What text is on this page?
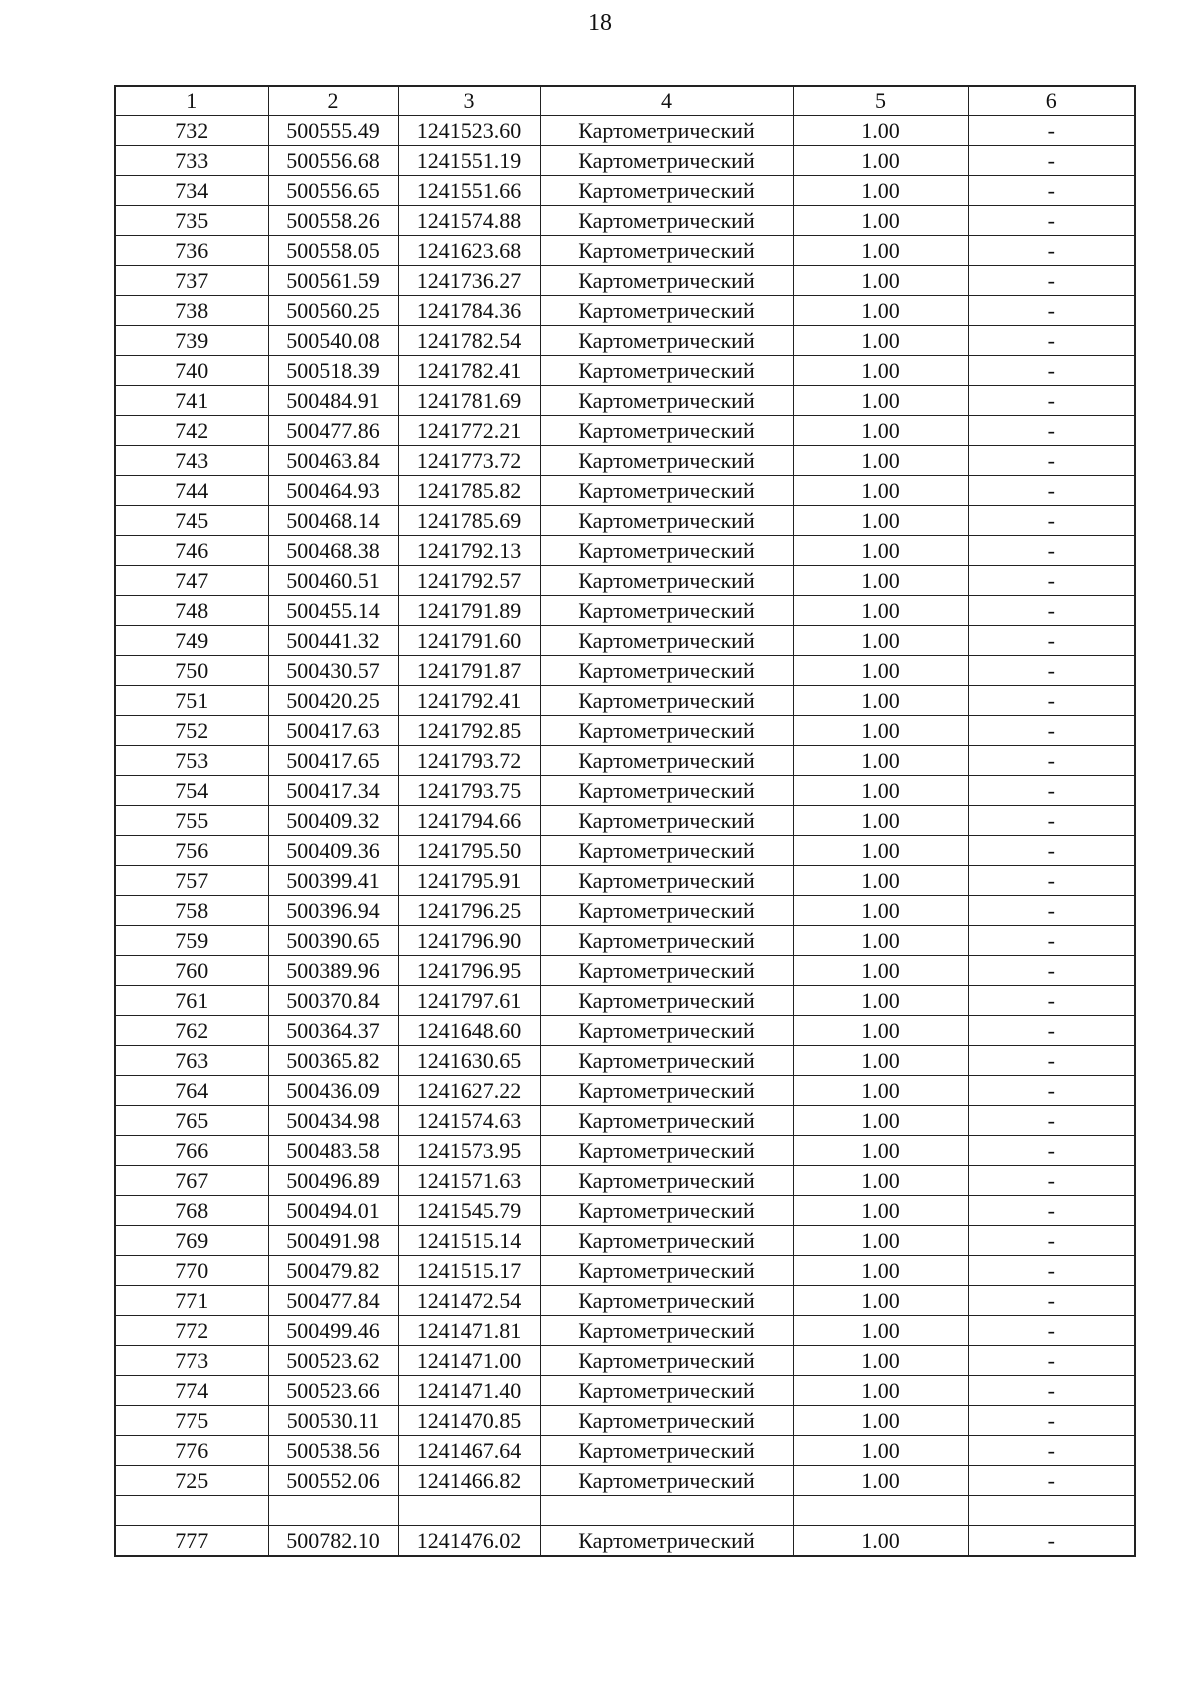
18
1	2	3	4	5	6
732	500555.49	1241523.60	Картометрический	1.00	-
733	500556.68	1241551.19	Картометрический	1.00	-
734	500556.65	1241551.66	Картометрический	1.00	-
735	500558.26	1241574.88	Картометрический	1.00	-
736	500558.05	1241623.68	Картометрический	1.00	-
737	500561.59	1241736.27	Картометрический	1.00	-
738	500560.25	1241784.36	Картометрический	1.00	-
739	500540.08	1241782.54	Картометрический	1.00	-
740	500518.39	1241782.41	Картометрический	1.00	-
741	500484.91	1241781.69	Картометрический	1.00	-
742	500477.86	1241772.21	Картометрический	1.00	-
743	500463.84	1241773.72	Картометрический	1.00	-
744	500464.93	1241785.82	Картометрический	1.00	-
745	500468.14	1241785.69	Картометрический	1.00	-
746	500468.38	1241792.13	Картометрический	1.00	-
747	500460.51	1241792.57	Картометрический	1.00	-
748	500455.14	1241791.89	Картометрический	1.00	-
749	500441.32	1241791.60	Картометрический	1.00	-
750	500430.57	1241791.87	Картометрический	1.00	-
751	500420.25	1241792.41	Картометрический	1.00	-
752	500417.63	1241792.85	Картометрический	1.00	-
753	500417.65	1241793.72	Картометрический	1.00	-
754	500417.34	1241793.75	Картометрический	1.00	-
755	500409.32	1241794.66	Картометрический	1.00	-
756	500409.36	1241795.50	Картометрический	1.00	-
757	500399.41	1241795.91	Картометрический	1.00	-
758	500396.94	1241796.25	Картометрический	1.00	-
759	500390.65	1241796.90	Картометрический	1.00	-
760	500389.96	1241796.95	Картометрический	1.00	-
761	500370.84	1241797.61	Картометрический	1.00	-
762	500364.37	1241648.60	Картометрический	1.00	-
763	500365.82	1241630.65	Картометрический	1.00	-
764	500436.09	1241627.22	Картометрический	1.00	-
765	500434.98	1241574.63	Картометрический	1.00	-
766	500483.58	1241573.95	Картометрический	1.00	-
767	500496.89	1241571.63	Картометрический	1.00	-
768	500494.01	1241545.79	Картометрический	1.00	-
769	500491.98	1241515.14	Картометрический	1.00	-
770	500479.82	1241515.17	Картометрический	1.00	-
771	500477.84	1241472.54	Картометрический	1.00	-
772	500499.46	1241471.81	Картометрический	1.00	-
773	500523.62	1241471.00	Картометрический	1.00	-
774	500523.66	1241471.40	Картометрический	1.00	-
775	500530.11	1241470.85	Картометрический	1.00	-
776	500538.56	1241467.64	Картометрический	1.00	-
725	500552.06	1241466.82	Картометрический	1.00	-

777	500782.10	1241476.02	Картометрический	1.00	-
